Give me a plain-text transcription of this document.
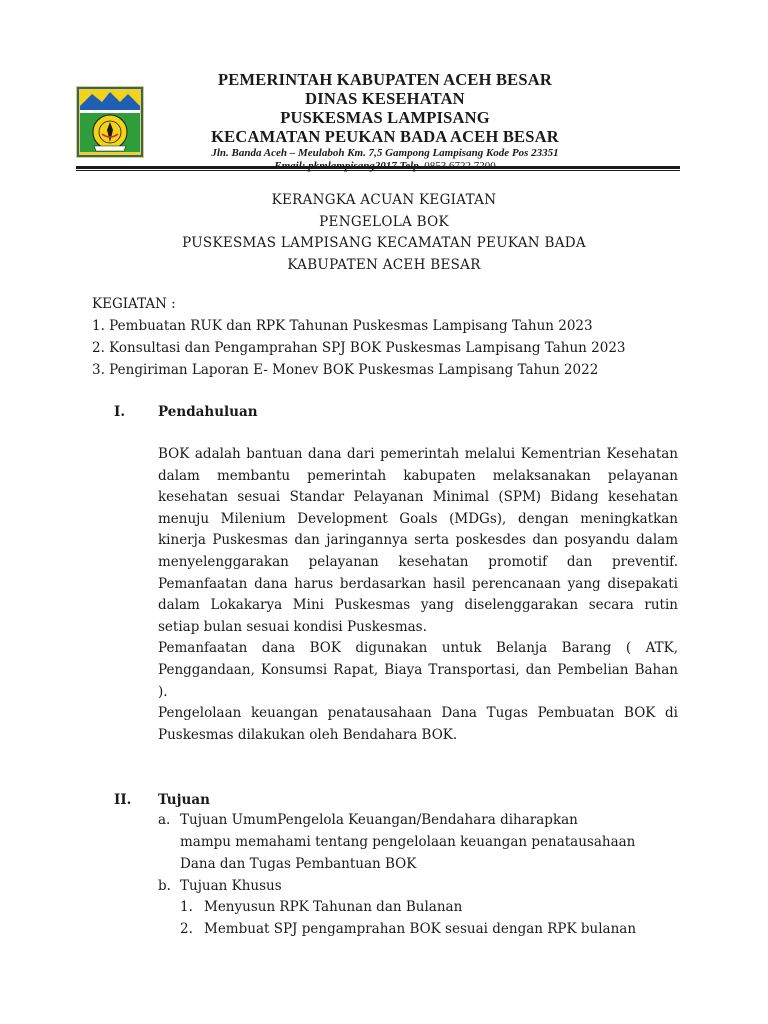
PEMERINTAH KABUPATEN ACEH BESAR
DINAS KESEHATAN
PUSKESMAS LAMPISANG
KECAMATAN PEUKAN BADA ACEH BESAR
Jln. Banda Aceh – Meulaboh Km. 7,5 Gampong Lampisang Kode Pos 23351
KERANGKA ACUAN KEGIATAN
PENGELOLA BOK
PUSKESMAS LAMPISANG KECAMATAN PEUKAN BADA
KABUPATEN ACEH BESAR
KEGIATAN :
1. Pembuatan RUK dan RPK Tahunan Puskesmas Lampisang Tahun 2023
2. Konsultasi dan Pengamprahan SPJ BOK Puskesmas Lampisang Tahun 2023
3. Pengiriman Laporan E- Monev BOK Puskesmas Lampisang Tahun 2022
I. Pendahuluan

BOK adalah bantuan dana dari pemerintah melalui Kementrian Kesehatan dalam membantu pemerintah kabupaten melaksanakan pelayanan kesehatan sesuai Standar Pelayanan Minimal (SPM) Bidang kesehatan menuju Milenium Development Goals (MDGs), dengan meningkatkan kinerja Puskesmas dan jaringannya serta poskesdes dan posyandu dalam menyelenggarakan pelayanan kesehatan promotif dan preventif. Pemanfaatan dana harus berdasarkan hasil perencanaan yang disepakati dalam Lokakarya Mini Puskesmas yang diselenggarakan secara rutin setiap bulan sesuai kondisi Puskesmas.

Pemanfaatan dana BOK digunakan untuk Belanja Barang ( ATK, Penggandaan, Konsumsi Rapat, Biaya Transportasi, dan Pembelian Bahan ).

Pengelolaan keuangan penatausahaan Dana Tugas Pembuatan BOK di Puskesmas dilakukan oleh Bendahara BOK.

II. Tujuan
a. Tujuan UmumPengelola Keuangan/Bendahara diharapkan
mampu memahami tentang pengelolaan keuangan penatausahaan
Dana dan Tugas Pembantuan BOK
b. Tujuan Khusus
1. Menyusun RPK Tahunan dan Bulanan
2. Membuat SPJ pengamprahan BOK sesuai dengan RPK bulanan
